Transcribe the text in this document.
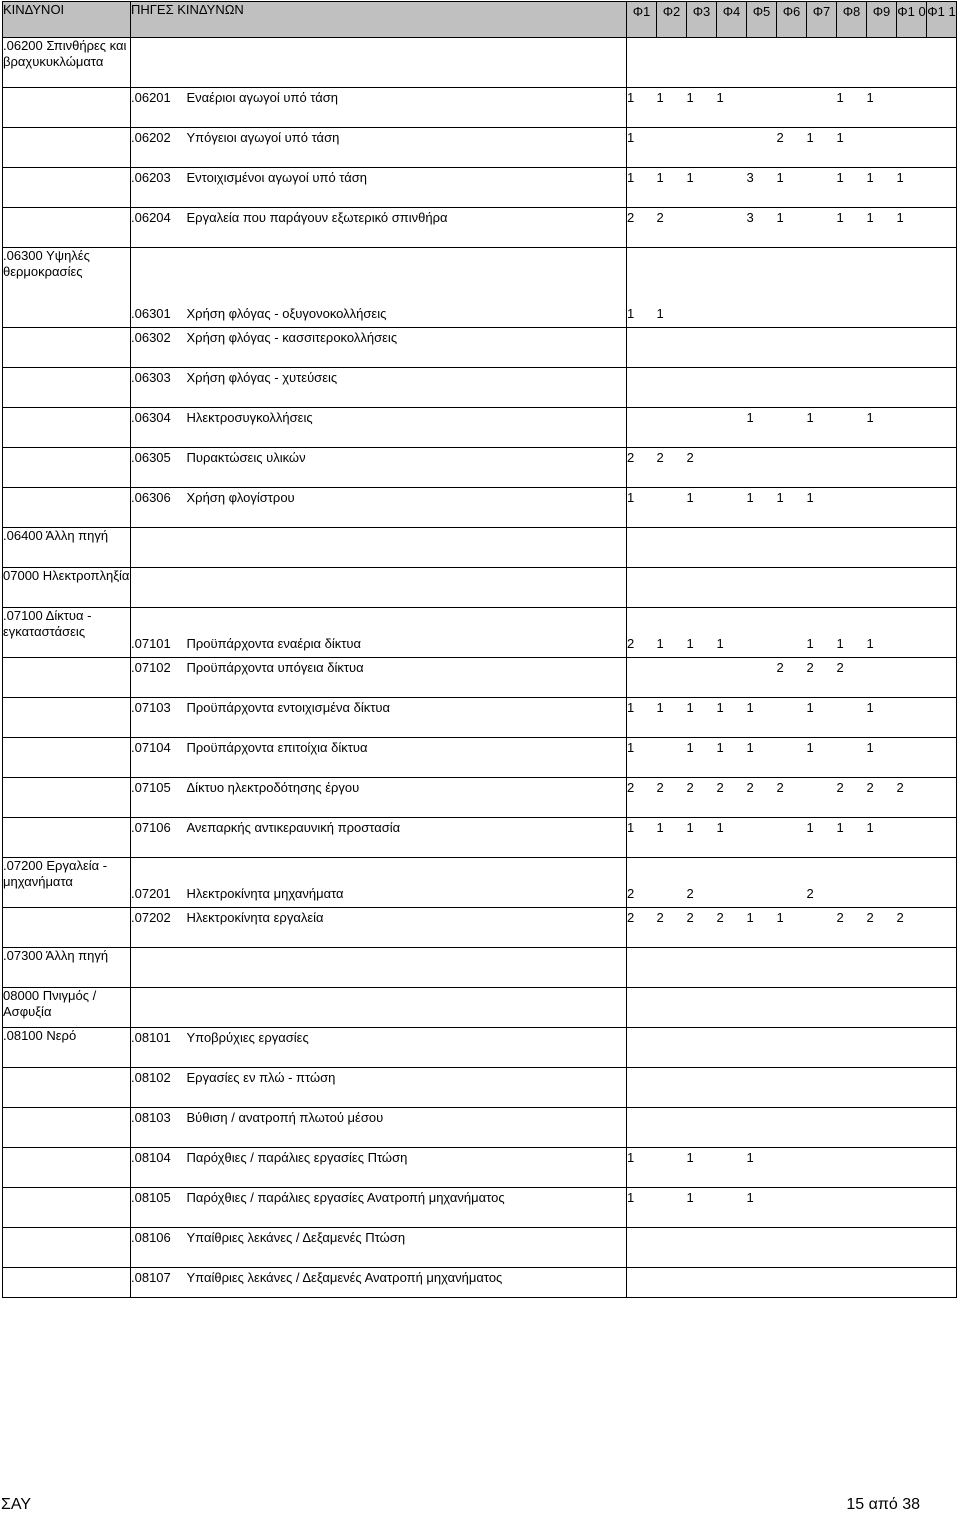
ΚΙΝΔΥΝΟΙ	ΠΗΓΕΣ ΚΙΝΔΥΝΩΝ		Φ1	Φ2	Φ3	Φ4	Φ5	Φ6	Φ7	Φ8	Φ9	Φ1 0	Φ1 1
.06200 Σπινθήρες και βραχυκυκλώματα													
	.06201	Εναέριοι αγωγοί υπό τάση	1	1	1	1				1	1		
	.06202	Υπόγειοι αγωγοί υπό τάση	1					2	1	1			
	.06203	Εντοιχισμένοι αγωγοί υπό τάση	1	1	1		3	1		1	1	1	
	.06204	Εργαλεία που παράγουν εξωτερικό σπινθήρα	2	2			3	1		1	1	1	
.06300 Υψηλές θερμοκρασίες	.06301	Χρήση φλόγας - οξυγονοκολλήσεις	1	1									
	.06302	Χρήση φλόγας - κασσιτεροκολλήσεις											
	.06303	Χρήση φλόγας - χυτεύσεις											
	.06304	Ηλεκτροσυγκολλήσεις					1		1		1		
	.06305	Πυρακτώσεις υλικών	2	2	2								
	.06306	Χρήση φλογίστρου	1		1		1	1	1				
.06400 Άλλη πηγή													
07000 Ηλεκτροπληξία													
.07100 Δίκτυα - εγκαταστάσεις	.07101	Προϋπάρχοντα εναέρια δίκτυα	2	1	1	1			1	1	1		
	.07102	Προϋπάρχοντα υπόγεια δίκτυα						2	2	2			
	.07103	Προϋπάρχοντα εντοιχισμένα δίκτυα	1	1	1	1	1		1		1		
	.07104	Προϋπάρχοντα επιτοίχια δίκτυα	1		1	1	1		1		1		
	.07105	Δίκτυο ηλεκτροδότησης έργου	2	2	2	2	2	2		2	2	2	
	.07106	Ανεπαρκής αντικεραυνική προστασία	1	1	1	1			1	1	1		
.07200 Εργαλεία - μηχανήματα	.07201	Ηλεκτροκίνητα μηχανήματα	2		2				2				
	.07202	Ηλεκτροκίνητα εργαλεία	2	2	2	2	1	1		2	2	2	
.07300 Άλλη πηγή													
08000 Πνιγμός / Ασφυξία													
.08100 Νερό	.08101	Υποβρύχιες εργασίες											
	.08102	Εργασίες εν πλώ - πτώση											
	.08103	Βύθιση / ανατροπή πλωτού μέσου											
	.08104	Παρόχθιες / παράλιες εργασίες Πτώση	1		1		1						
	.08105	Παρόχθιες / παράλιες εργασίες Ανατροπή μηχανήματος	1		1		1						
	.08106	Υπαίθριες λεκάνες / Δεξαμενές Πτώση											
	.08107	Υπαίθριες λεκάνες / Δεξαμενές Ανατροπή μηχανήματος											
ΣΑΥ	15 από 38
